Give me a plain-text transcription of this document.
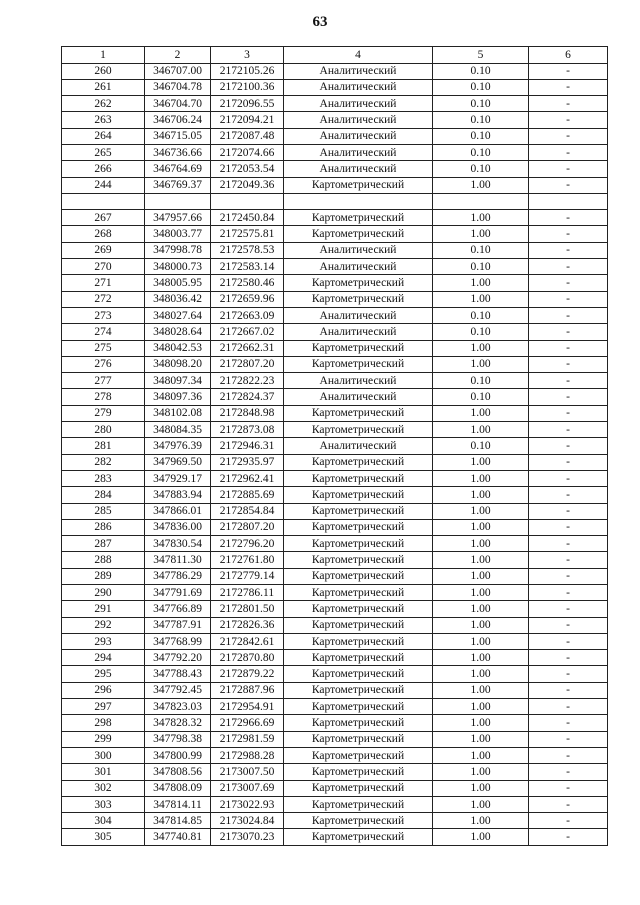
63
1	2	3	4	5	6
260	346707.00	2172105.26	Аналитический	0.10	-
261	346704.78	2172100.36	Аналитический	0.10	-
262	346704.70	2172096.55	Аналитический	0.10	-
263	346706.24	2172094.21	Аналитический	0.10	-
264	346715.05	2172087.48	Аналитический	0.10	-
265	346736.66	2172074.66	Аналитический	0.10	-
266	346764.69	2172053.54	Аналитический	0.10	-
244	346769.37	2172049.36	Картометрический	1.00	-

267	347957.66	2172450.84	Картометрический	1.00	-
268	348003.77	2172575.81	Картометрический	1.00	-
269	347998.78	2172578.53	Аналитический	0.10	-
270	348000.73	2172583.14	Аналитический	0.10	-
271	348005.95	2172580.46	Картометрический	1.00	-
272	348036.42	2172659.96	Картометрический	1.00	-
273	348027.64	2172663.09	Аналитический	0.10	-
274	348028.64	2172667.02	Аналитический	0.10	-
275	348042.53	2172662.31	Картометрический	1.00	-
276	348098.20	2172807.20	Картометрический	1.00	-
277	348097.34	2172822.23	Аналитический	0.10	-
278	348097.36	2172824.37	Аналитический	0.10	-
279	348102.08	2172848.98	Картометрический	1.00	-
280	348084.35	2172873.08	Картометрический	1.00	-
281	347976.39	2172946.31	Аналитический	0.10	-
282	347969.50	2172935.97	Картометрический	1.00	-
283	347929.17	2172962.41	Картометрический	1.00	-
284	347883.94	2172885.69	Картометрический	1.00	-
285	347866.01	2172854.84	Картометрический	1.00	-
286	347836.00	2172807.20	Картометрический	1.00	-
287	347830.54	2172796.20	Картометрический	1.00	-
288	347811.30	2172761.80	Картометрический	1.00	-
289	347786.29	2172779.14	Картометрический	1.00	-
290	347791.69	2172786.11	Картометрический	1.00	-
291	347766.89	2172801.50	Картометрический	1.00	-
292	347787.91	2172826.36	Картометрический	1.00	-
293	347768.99	2172842.61	Картометрический	1.00	-
294	347792.20	2172870.80	Картометрический	1.00	-
295	347788.43	2172879.22	Картометрический	1.00	-
296	347792.45	2172887.96	Картометрический	1.00	-
297	347823.03	2172954.91	Картометрический	1.00	-
298	347828.32	2172966.69	Картометрический	1.00	-
299	347798.38	2172981.59	Картометрический	1.00	-
300	347800.99	2172988.28	Картометрический	1.00	-
301	347808.56	2173007.50	Картометрический	1.00	-
302	347808.09	2173007.69	Картометрический	1.00	-
303	347814.11	2173022.93	Картометрический	1.00	-
304	347814.85	2173024.84	Картометрический	1.00	-
305	347740.81	2173070.23	Картометрический	1.00	-
